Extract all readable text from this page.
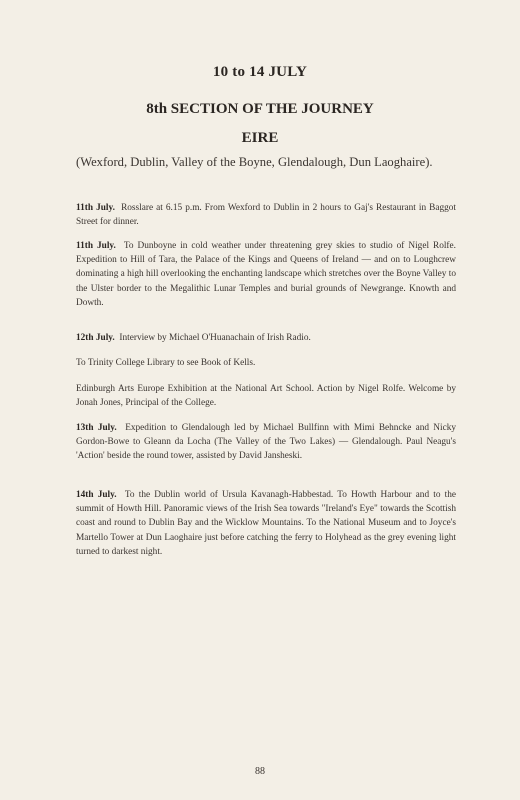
10 to 14 JULY
8th SECTION OF THE JOURNEY
EIRE

(Wexford, Dublin, Valley of the Boyne, Glendalough, Dun Laoghaire).

11th July. Rosslare at 6.15 p.m. From Wexford to Dublin in 2 hours to Gaj's Restaurant in Baggot Street for dinner.

11th July. To Dunboyne in cold weather under threatening grey skies to studio of Nigel Rolfe. Expedition to Hill of Tara, the Palace of the Kings and Queens of Ireland — and on to Loughcrew dominating a high hill overlooking the enchanting landscape which stretches over the Boyne Valley to the Ulster border to the Megalithic Lunar Temples and burial grounds of Newgrange. Knowth and Dowth.

12th July. Interview by Michael O'Huanachain of Irish Radio.

To Trinity College Library to see Book of Kells.

Edinburgh Arts Europe Exhibition at the National Art School. Action by Nigel Rolfe. Welcome by Jonah Jones, Principal of the College.

13th July. Expedition to Glendalough led by Michael Bullfinn with Mimi Behncke and Nicky Gordon-Bowe to Gleann da Locha (The Valley of the Two Lakes) — Glendalough. Paul Neagu's 'Action' beside the round tower, assisted by David Jansheski.

14th July. To the Dublin world of Ursula Kavanagh-Habbestad. To Howth Harbour and to the summit of Howth Hill. Panoramic views of the Irish Sea towards "Ireland's Eye" towards the Scottish coast and round to Dublin Bay and the Wicklow Mountains. To the National Museum and to Joyce's Martello Tower at Dun Laoghaire just before catching the ferry to Holyhead as the grey evening light turned to darkest night.

88
